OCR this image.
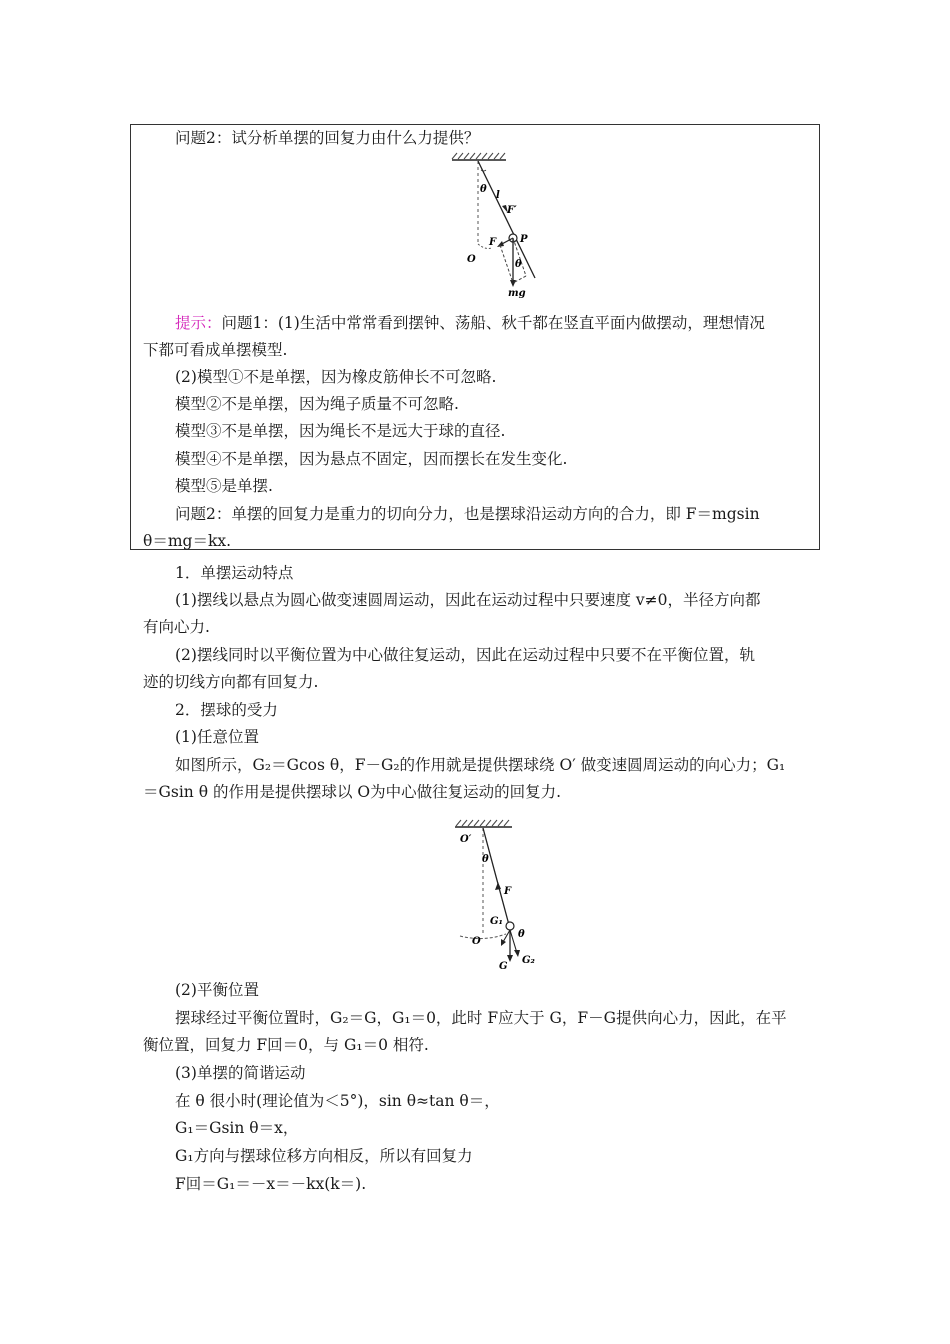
问题2：试分析单摆的回复力由什么力提供？
θ
l
F′
F P
O	θ
mg
提示：问题1：(1)生活中常常看到摆钟、荡船、秋千都在竖直平面内做摆动，理想情况
下都可看成单摆模型.
(2)模型①不是单摆，因为橡皮筋伸长不可忽略.
模型②不是单摆，因为绳子质量不可忽略.
模型③不是单摆，因为绳长不是远大于球的直径.
模型④不是单摆，因为悬点不固定，因而摆长在发生变化.
模型⑤是单摆.
问题2：单摆的回复力是重力的切向分力，也是摆球沿运动方向的合力，即 F＝mgsin
θ＝mg＝kx.
1．单摆运动特点
(1)摆线以悬点为圆心做变速圆周运动，因此在运动过程中只要速度 v≠0，半径方向都
有向心力.
(2)摆线同时以平衡位置为中心做往复运动，因此在运动过程中只要不在平衡位置，轨
迹的切线方向都有回复力.
2．摆球的受力
(1)任意位置
如图所示，G₂＝Gcos θ，F－G₂的作用就是提供摆球绕 O′ 做变速圆周运动的向心力；G₁
＝Gsin θ 的作用是提供摆球以 O为中心做往复运动的回复力.
O′
θ
F
G₁
θ
O
G
G₂
(2)平衡位置
摆球经过平衡位置时，G₂＝G，G₁＝0，此时 F应大于 G，F－G提供向心力，因此，在平
衡位置，回复力 F回＝0，与 G₁＝0 相符.
(3)单摆的简谐运动
在 θ 很小时(理论值为＜5°)，sin θ≈tan θ＝，
G₁＝Gsin θ＝x，
G₁方向与摆球位移方向相反，所以有回复力
F回＝G₁＝－x＝－kx(k＝).
